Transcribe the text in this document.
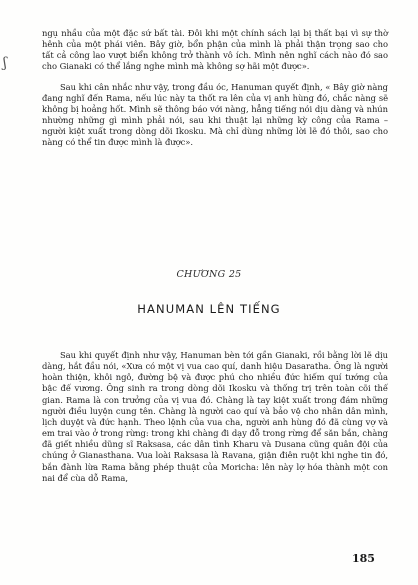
ʃ

ngụ nhầu của một đặc sứ bất tài. Đôi khi một chính sách lại bị thất bại vì sự thờ hênh của một phái viên. Bây giờ, bổn phận của mình là phải thận trọng sao cho tất cả công lao vượt biển không trở thành vô ích. Mình nên nghĩ cách nào đó sao cho Gianaki có thể lắng nghe mình mà không sợ hãi một được».

Sau khi cân nhắc như vậy, trong đầu óc, Hanuman quyết định, « Bây giờ nàng đang nghĩ đến Rama, nếu lúc này ta thốt ra lên của vị anh hùng đó, chắc nàng sẽ không bị hoảng hốt. Mình sẽ thông báo với nàng, hẳng tiếng nói dịu dàng và nhún nhường những gì mình phải nói, sau khi thuật lại những kỳ công của Rama – người kiệt xuất trong dòng dõi Ikosku. Mà chỉ dùng những lời lẽ đó thôi, sao cho nàng có thể tin được mình là được».

CHƯƠNG 25
HANUMAN LÊN TIẾNG

Sau khi quyết định như vậy, Hanuman bèn tới gần Gianaki, rồi bằng lời lẽ dịu dàng, hắt đầu nói, «Xưa có một vị vua cao quí, danh hiệu Dasaratha. Ông là người hoàn thiện, khôi ngô, đường bệ và được phú cho nhiều đức hiếm quí tướng của bậc đế vương. Ông sinh ra trong dòng dõi Ikosku và thống trị trên toàn cõi thế gian. Rama là con trưởng của vị vua đó. Chàng là tay kiệt xuất trong đám những người điều luyện cung tên. Chàng là người cao quí và bảo vệ cho nhân dân mình, lịch duyệt và đức hạnh. Theo lệnh của vua cha, người anh hùng đó đã cùng vợ và em trai vào ở trong rừng: trong khi chàng đi dạy đỗ trong rừng để săn bắn, chàng đã giết nhiều dũng sĩ Raksasa, các dân tình Kharu và Dusana cũng quân đội của chúng ở Gianasthana. Vua loài Raksasa là Ravana, giận điên ruột khi nghe tin đó, bắn đành lừa Rama bằng phép thuật của Moricha: lên này lợ hóa thành một con nai để cùa dỗ Rama,

185
